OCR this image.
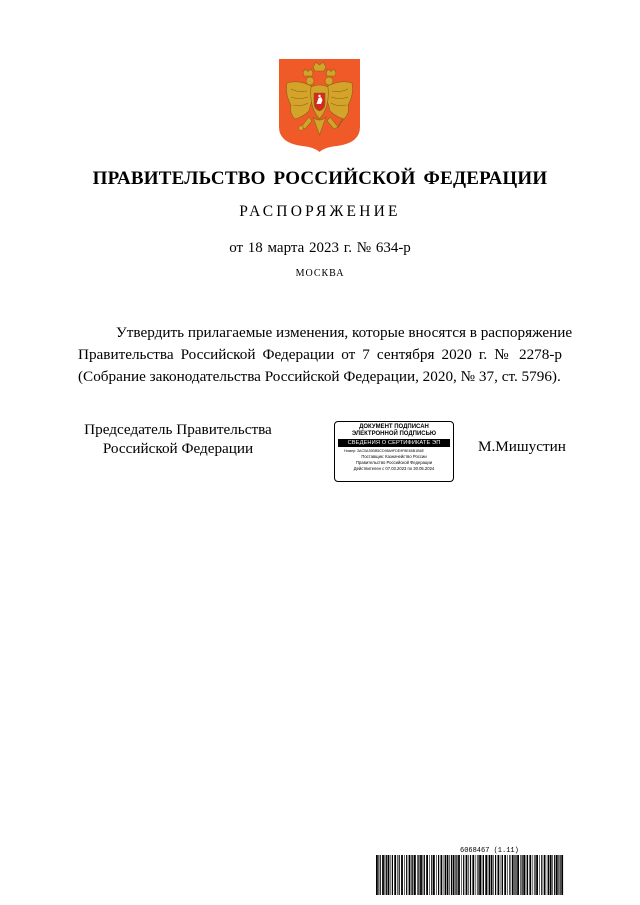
ПРАВИТЕЛЬСТВО РОССИЙСКОЙ ФЕДЕРАЦИИ
РАСПОРЯЖЕНИЕ
от 18 марта 2023 г. № 634-р
МОСКВА
Утвердить прилагаемые изменения, которые вносятся в распоряжение
Правительства Российской Федерации от 7 сентября 2020 г. № 2278-р
(Собрание законодательства Российской Федерации, 2020, № 37, ст. 5796).
Председатель Правительства
Российской Федерации
ДОКУМЕНТ ПОДПИСАН
ЭЛЕКТРОННОЙ ПОДПИСЬЮ
СВЕДЕНИЯ О СЕРТИФИКАТЕ ЭП
Номер: 3AC0A39DB5CD98A9FDE9F8E65B1B6E
Поставщик: Казначейство России
Правительство Российской Федерации
Действителен с 07.03.2023 по 30.05.2024
М.Мишустин
6068467 (1.11)
